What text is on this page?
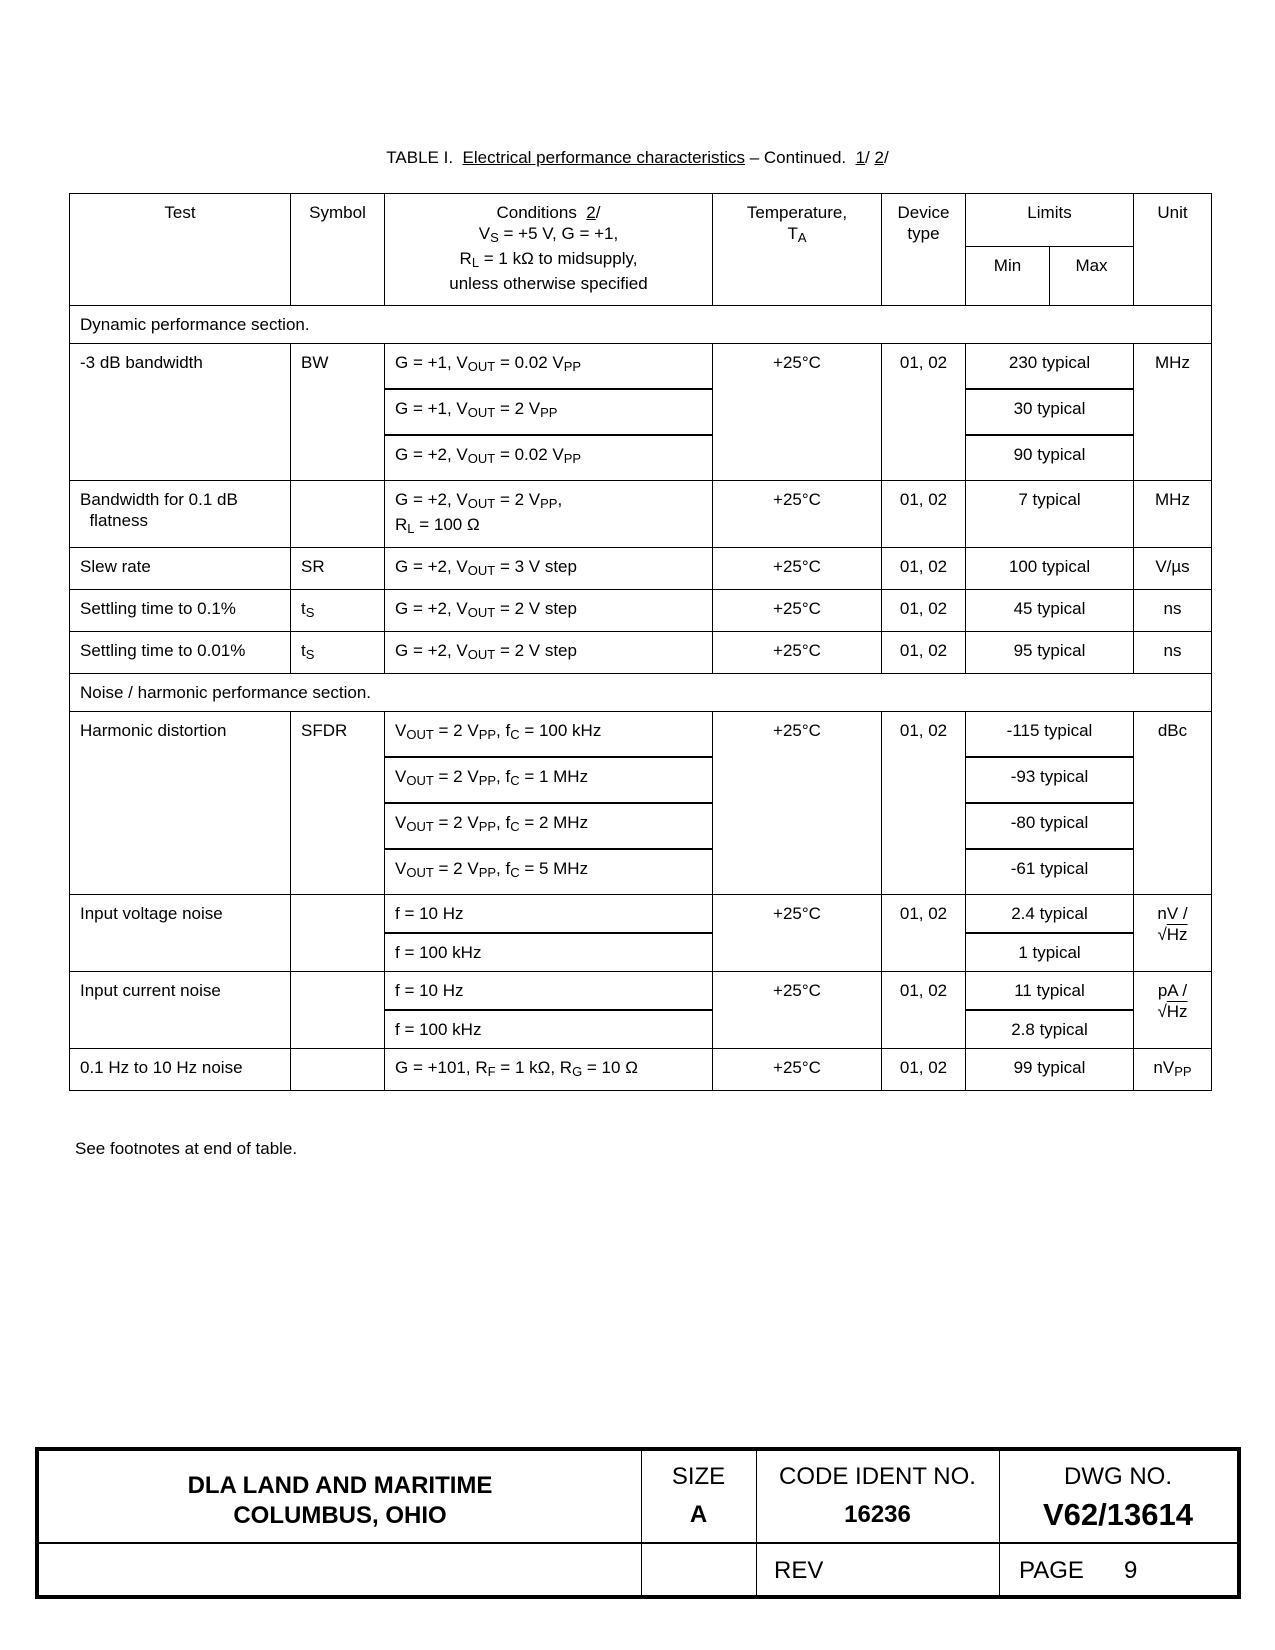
TABLE I. Electrical performance characteristics – Continued. 1/ 2/
Test	Symbol	Conditions 2/
$V_S = +5$ V, G = +1,
$R_L = 1$ kΩ to midsupply,
unless otherwise specified	Temperature,
$T_A$	Device type	Limits		Unit
					Min	Max	
Dynamic performance section.							
-3 dB bandwidth	BW	G = +1, $V_{OUT} = 0.02$ $V_{PP}$	+25°C	01, 02	230 typical		MHz
		G = +1, $V_{OUT} = 2$ $V_{PP}$			30 typical		
		G = +2, $V_{OUT} = 0.02$ $V_{PP}$			90 typical		
Bandwidth for 0.1 dB
flatness		G = +2, $V_{OUT} = 2$ $V_{PP}$,
$R_L = 100$ Ω	+25°C	01, 02	7 typical		MHz
Slew rate	SR	G = +2, $V_{OUT} = 3$ V step	+25°C	01, 02	100 typical		V/µs
Settling time to 0.1%	$t_S$	G = +2, $V_{OUT} = 2$ V step	+25°C	01, 02	45 typical		ns
Settling time to 0.01%	$t_S$	G = +2, $V_{OUT} = 2$ V step	+25°C	01, 02	95 typical		ns
Noise / harmonic performance section.							
Harmonic distortion	SFDR	$V_{OUT} = 2$ $V_{PP}$, $f_C = 100$ kHz	+25°C	01, 02	-115 typical		dBc
		$V_{OUT} = 2$ $V_{PP}$, $f_C = 1$ MHz			-93 typical		
		$V_{OUT} = 2$ $V_{PP}$, $f_C = 2$ MHz			-80 typical		
		$V_{OUT} = 2$ $V_{PP}$, $f_C = 5$ MHz			-61 typical		
Input voltage noise		f = 10 Hz	+25°C	01, 02	2.4 typical		nV /
√Hz
		f = 100 kHz			1 typical		
Input current noise		f = 10 Hz	+25°C	01, 02	11 typical		pA /
√Hz
		f = 100 kHz			2.8 typical		
0.1 Hz to 10 Hz noise		G = +101, $R_F = 1$ kΩ, $R_G = 10$ Ω	+25°C	01, 02	99 typical		$nV_{PP}$
See footnotes at end of table.
DLA LAND AND MARITIME
COLUMBUS, OHIO
SIZE
A
CODE IDENT NO.
16236
DWG NO.
V62/13614
REV	PAGE 9
